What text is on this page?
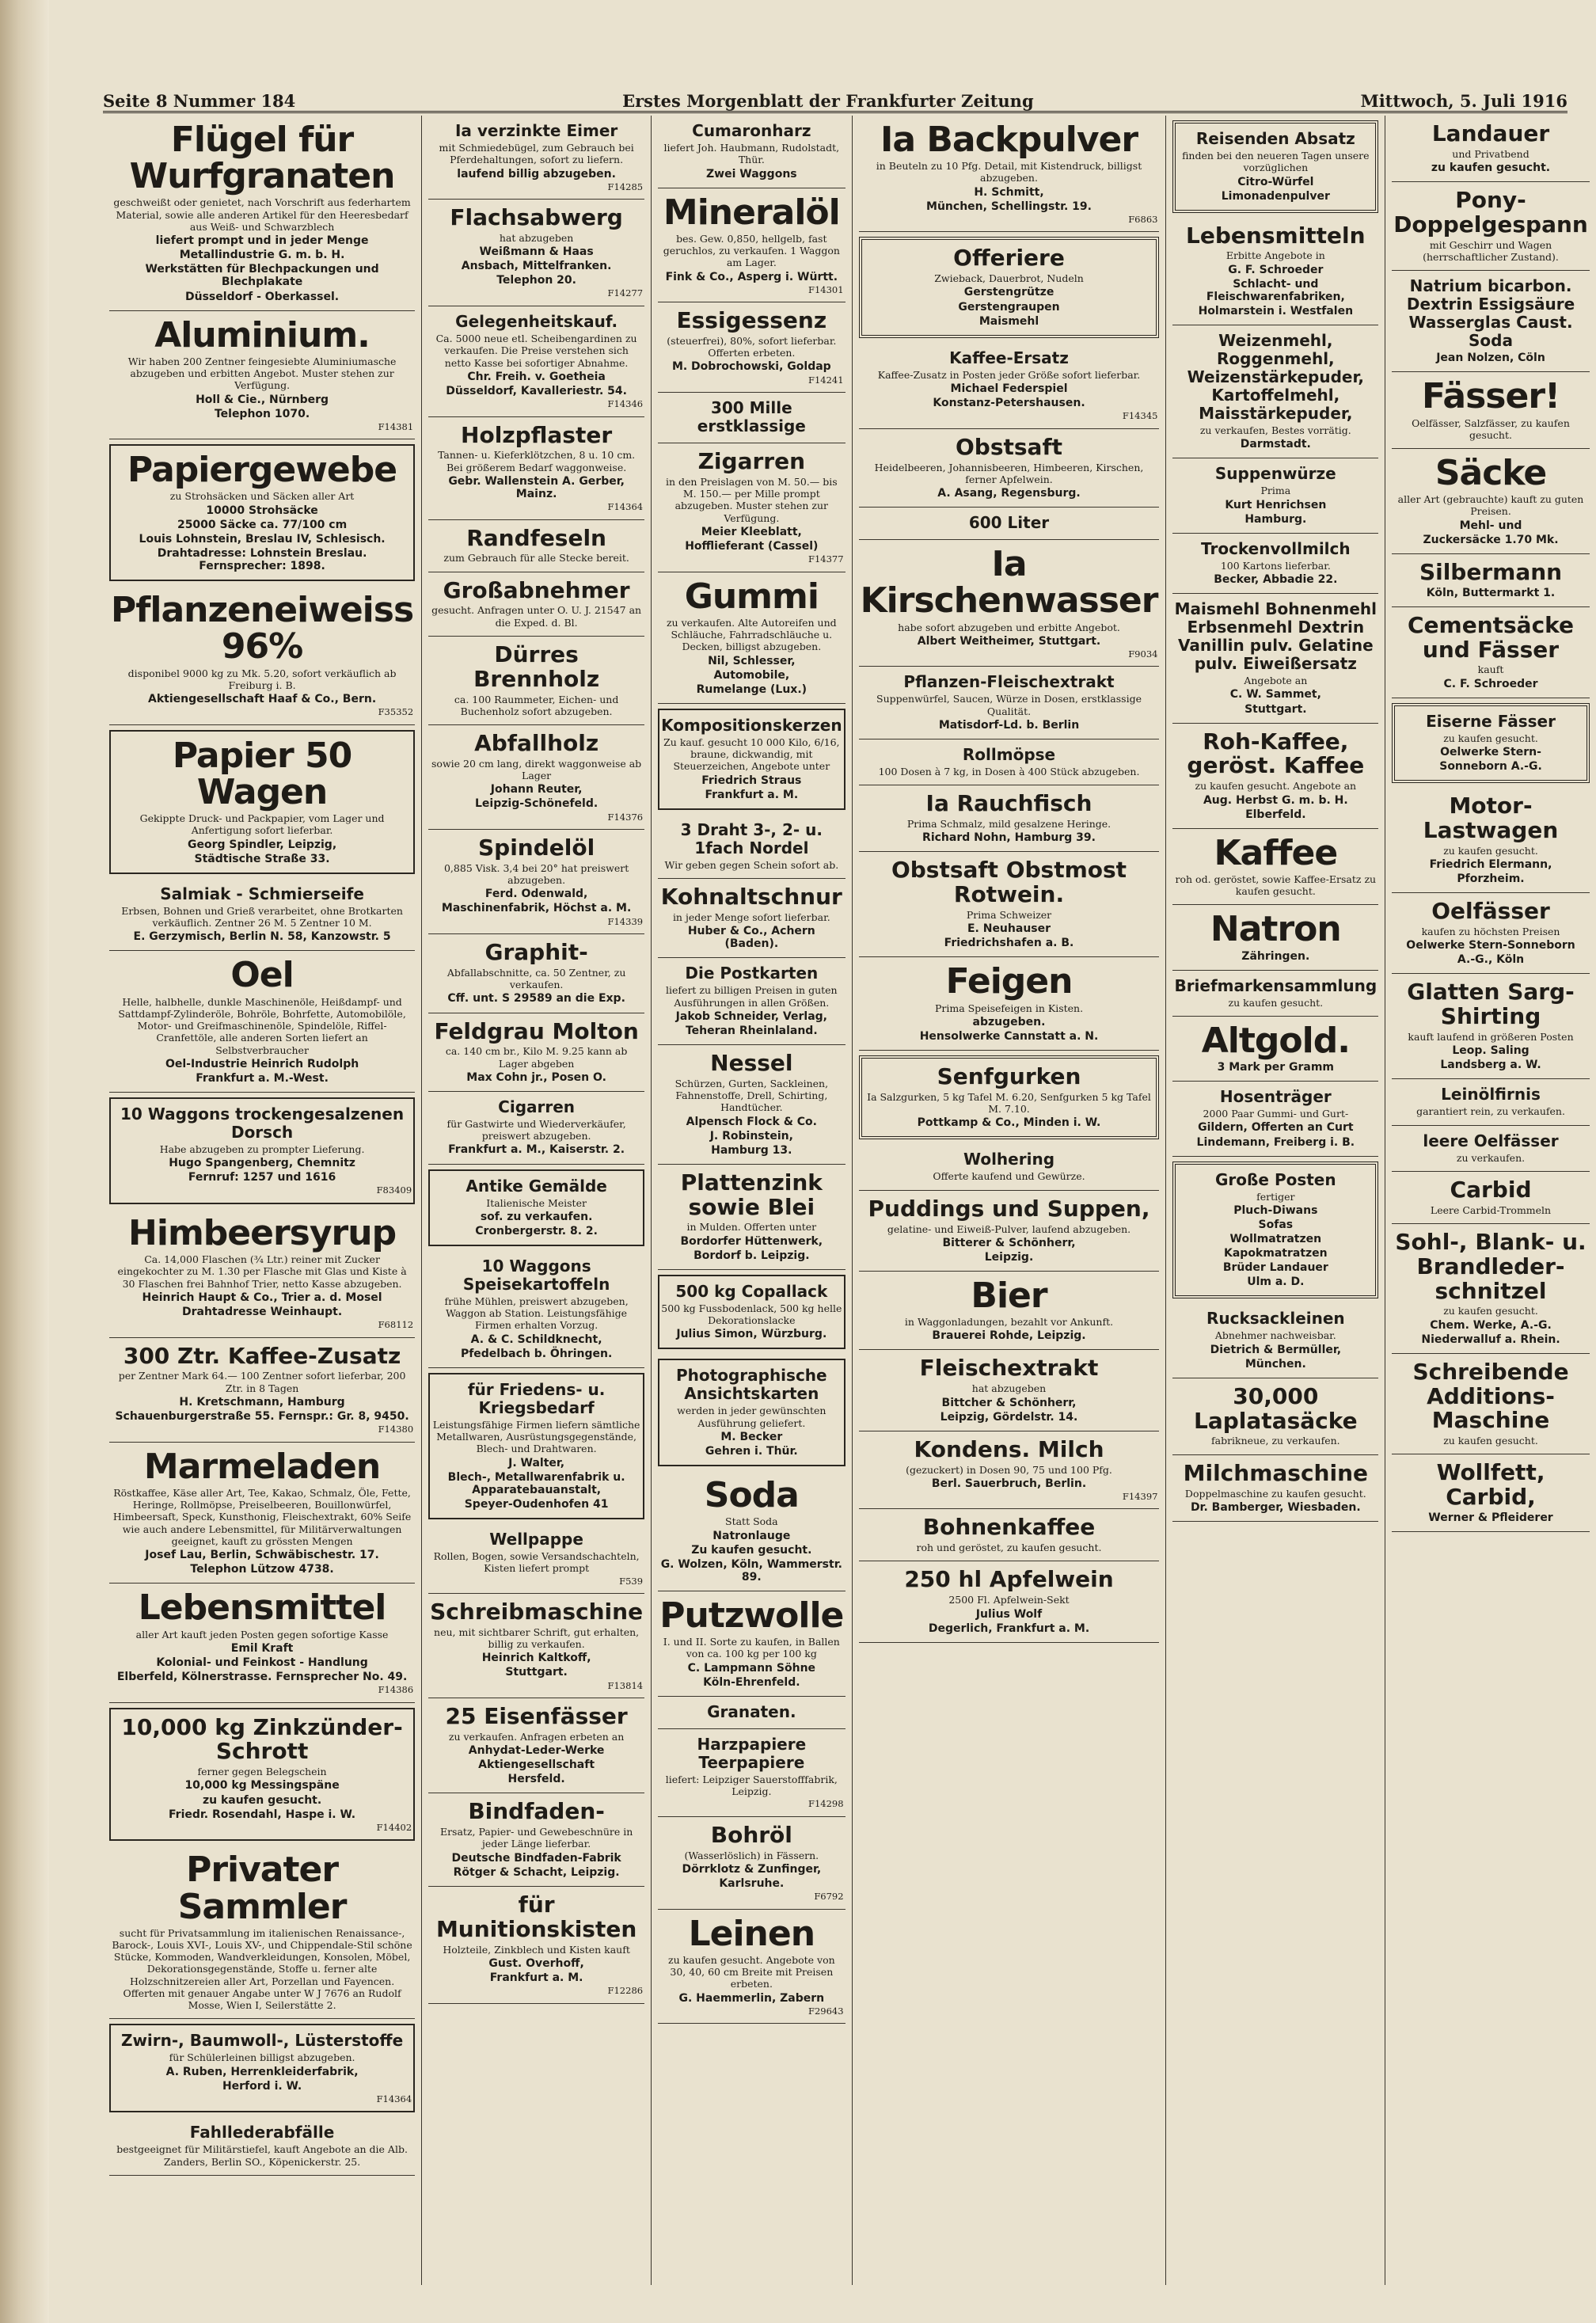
Seite 8 Nummer 184	Erstes Morgenblatt der Frankfurter Zeitung	Mittwoch, 5. Juli 1916
Flügel für Wurfgranaten
geschweißt oder genietet, nach Vorschrift aus federhartem Material, sowie alle anderen Artikel für den Heeresbedarf aus Weiß- und Schwarzblech
liefert prompt und in jeder Menge
Metallindustrie G. m. b. H.
Werkstätten für Blechpackungen und Blechplakate
Düsseldorf - Oberkassel.
Aluminium.
Wir haben 200 Zentner feingesiebte Aluminiumasche abzugeben und erbitten Angebot. Muster stehen zur Verfügung.
Holl & Cie., Nürnberg
Telephon 1070.
F14381
Papiergewebe
zu Strohsäcken und Säcken aller Art
10000 Strohsäcke
25000 Säcke ca. 77/100 cm
Louis Lohnstein, Breslau IV, Schlesisch.
Drahtadresse: Lohnstein Breslau. Fernsprecher: 1898.
Pflanzeneiweiss 96%
disponibel 9000 kg zu Mk. 5.20, sofort verkäuflich ab Freiburg i. B.
Aktiengesellschaft Haaf & Co., Bern.
F35352
Papier 50 Wagen
Gekippte Druck- und Packpapier, vom Lager und Anfertigung sofort lieferbar.
Georg Spindler, Leipzig,
Städtische Straße 33.
Salmiak - Schmierseife
Erbsen, Bohnen und Grieß verarbeitet, ohne Brotkarten verkäuflich. Zentner 26 M. 5 Zentner 10 M.
E. Gerzymisch, Berlin N. 58, Kanzowstr. 5
Oel
Helle, halbhelle, dunkle Maschinenöle, Heißdampf- und Sattdampf-Zylinderöle, Bohröle, Bohrfette, Automobilöle, Motor- und Greifmaschinenöle, Spindelöle, Riffel-Cranfettöle, alle anderen Sorten liefert an Selbstverbraucher
Oel-Industrie Heinrich Rudolph
Frankfurt a. M.-West.
10 Waggons trockengesalzenen Dorsch
Habe abzugeben zu prompter Lieferung.
Hugo Spangenberg, Chemnitz
Fernruf: 1257 und 1616
F83409
Himbeersyrup
Ca. 14,000 Flaschen (¾ Ltr.) reiner mit Zucker eingekochter zu M. 1.30 per Flasche mit Glas und Kiste à 30 Flaschen frei Bahnhof Trier, netto Kasse abzugeben.
Heinrich Haupt & Co., Trier a. d. Mosel
Drahtadresse Weinhaupt.
F68112
300 Ztr. Kaffee-Zusatz
per Zentner Mark 64.— 100 Zentner sofort lieferbar, 200 Ztr. in 8 Tagen
H. Kretschmann, Hamburg
Schauenburgerstraße 55. Fernspr.: Gr. 8, 9450.
F14380
Marmeladen
Röstkaffee, Käse aller Art, Tee, Kakao, Schmalz, Öle, Fette, Heringe, Rollmöpse, Preiselbeeren, Bouillonwürfel, Himbeersaft, Speck, Kunsthonig, Fleischextrakt, 60% Seife wie auch andere Lebensmittel, für Militärverwaltungen geeignet, kauft zu grössten Mengen
Josef Lau, Berlin, Schwäbischestr. 17.
Telephon Lützow 4738.
Lebensmittel
aller Art kauft jeden Posten gegen sofortige Kasse
Emil Kraft
Kolonial- und Feinkost - Handlung
Elberfeld, Kölnerstrasse. Fernsprecher No. 49.
F14386
10,000 kg Zinkzünder-Schrott
ferner gegen Belegschein
10,000 kg Messingspäne
zu kaufen gesucht.
Friedr. Rosendahl, Haspe i. W.
F14402
Privater Sammler
sucht für Privatsammlung im italienischen Renaissance-, Barock-, Louis XVI-, Louis XV-, und Chippendale-Stil schöne Stücke, Kommoden, Wandverkleidungen, Konsolen, Möbel, Dekorationsgegenstände, Stoffe u. ferner alte Holzschnitzereien aller Art, Porzellan und Fayencen. Offerten mit genauer Angabe unter W J 7676 an Rudolf Mosse, Wien I, Seilerstätte 2.
Zwirn-, Baumwoll-, Lüsterstoffe
für Schülerleinen billigst abzugeben.
A. Ruben, Herrenkleiderfabrik,
Herford i. W.
F14364
Fahllederabfälle
bestgeeignet für Militärstiefel, kauft Angebote an die Alb. Zanders, Berlin SO., Köpenickerstr. 25.
Ia verzinkte Eimer
mit Schmiedebügel, zum Gebrauch bei Pferdehaltungen, sofort zu liefern.
laufend billig abzugeben.
F14285
Flachsabwerg
hat abzugeben
Weißmann & Haas
Ansbach, Mittelfranken.
Telephon 20.
F14277
Gelegenheitskauf.
Ca. 5000 neue etl. Scheibengardinen zu verkaufen. Die Preise verstehen sich netto Kasse bei sofortiger Abnahme.
Chr. Freih. v. Goetheia
Düsseldorf, Kavalleriestr. 54.
F14346
Holzpflaster
Tannen- u. Kieferklötzchen, 8 u. 10 cm. Bei größerem Bedarf waggonweise.
Gebr. Wallenstein A. Gerber, Mainz.
F14364
Randfeseln
zum Gebrauch für alle Stecke bereit.
Großabnehmer
gesucht. Anfragen unter O. U. J. 21547 an die Exped. d. Bl.
Dürres Brennholz
ca. 100 Raummeter, Eichen- und Buchenholz sofort abzugeben.
Abfallholz
sowie 20 cm lang, direkt waggonweise ab Lager
Johann Reuter,
Leipzig-Schönefeld.
F14376
Spindelöl
0,885 Visk. 3,4 bei 20° hat preiswert abzugeben.
Ferd. Odenwald,
Maschinenfabrik, Höchst a. M.
F14339
Graphit-
Abfallabschnitte, ca. 50 Zentner, zu verkaufen.
Cff. unt. S 29589 an die Exp.
Feldgrau Molton
ca. 140 cm br., Kilo M. 9.25 kann ab Lager abgeben
Max Cohn jr., Posen O.
Cigarren
für Gastwirte und Wiederverkäufer, preiswert abzugeben.
Frankfurt a. M., Kaiserstr. 2.
Antike Gemälde
Italienische Meister
sof. zu verkaufen.
Cronbergerstr. 8. 2.
10 Waggons Speisekartoffeln
frühe Mühlen, preiswert abzugeben, Waggon ab Station. Leistungsfähige Firmen erhalten Vorzug.
A. & C. Schildknecht,
Pfedelbach b. Öhringen.
für Friedens- u. Kriegsbedarf
Leistungsfähige Firmen liefern sämtliche Metallwaren, Ausrüstungsgegenstände, Blech- und Drahtwaren.
J. Walter,
Blech-, Metallwarenfabrik u. Apparatebauanstalt,
Speyer-Oudenhofen 41
Wellpappe
Rollen, Bogen, sowie Versandschachteln, Kisten liefert prompt
F539
Schreibmaschine
neu, mit sichtbarer Schrift, gut erhalten, billig zu verkaufen.
Heinrich Kaltkoff,
Stuttgart.
F13814
25 Eisenfässer
zu verkaufen. Anfragen erbeten an
Anhydat-Leder-Werke
Aktiengesellschaft
Hersfeld.
Bindfaden-
Ersatz, Papier- und Gewebeschnüre in jeder Länge lieferbar.
Deutsche Bindfaden-Fabrik
Rötger & Schacht, Leipzig.
für Munitionskisten
Holzteile, Zinkblech und Kisten kauft
Gust. Overhoff,
Frankfurt a. M.
F12286
Cumaronharz
liefert Joh. Haubmann, Rudolstadt, Thür.
Zwei Waggons
Mineralöl
bes. Gew. 0,850, hellgelb, fast geruchlos, zu verkaufen. 1 Waggon am Lager.
Fink & Co., Asperg i. Württ.
F14301
Essigessenz
(steuerfrei), 80%, sofort lieferbar. Offerten erbeten.
M. Dobrochowski, Goldap
F14241
300 Mille erstklassige
Zigarren
in den Preislagen von M. 50.— bis M. 150.— per Mille prompt abzugeben. Muster stehen zur Verfügung.
Meier Kleeblatt,
Hofflieferant (Cassel)
F14377
Gummi
zu verkaufen. Alte Autoreifen und Schläuche, Fahrradschläuche u. Decken, billigst abzugeben.
Nil, Schlesser,
Automobile,
Rumelange (Lux.)
Kompositionskerzen
Zu kauf. gesucht 10 000 Kilo, 6/16, braune, dickwandig, mit Steuerzeichen, Angebote unter
Friedrich Straus
Frankfurt a. M.
3 Draht 3-, 2- u. 1fach Nordel
Wir geben gegen Schein sofort ab.
Kohnaltschnur
in jeder Menge sofort lieferbar.
Huber & Co., Achern (Baden).
Die Postkarten
liefert zu billigen Preisen in guten Ausführungen in allen Größen.
Jakob Schneider, Verlag,
Teheran Rheinlaland.
Nessel
Schürzen, Gurten, Sackleinen, Fahnenstoffe, Drell, Schirting, Handtücher.
Alpensch Flock & Co.
J. Robinstein,
Hamburg 13.
Plattenzink sowie Blei
in Mulden. Offerten unter
Bordorfer Hüttenwerk,
Bordorf b. Leipzig.
500 kg Copallack
500 kg Fussbodenlack, 500 kg helle Dekorationslacke
Julius Simon, Würzburg.
Photographische Ansichtskarten
werden in jeder gewünschten Ausführung geliefert.
M. Becker
Gehren i. Thür.
Soda
Statt Soda
Natronlauge
Zu kaufen gesucht.
G. Wolzen, Köln, Wammerstr. 89.
Putzwolle
I. und II. Sorte zu kaufen, in Ballen von ca. 100 kg per 100 kg
C. Lampmann Söhne
Köln-Ehrenfeld.
Granaten.
Harzpapiere Teerpapiere
liefert: Leipziger Sauerstofffabrik, Leipzig.
F14298
Bohröl
(Wasserlöslich) in Fässern.
Dörrklotz & Zunfinger,
Karlsruhe.
F6792
Leinen
zu kaufen gesucht. Angebote von 30, 40, 60 cm Breite mit Preisen erbeten.
G. Haemmerlin, Zabern
F29643
Ia Backpulver
in Beuteln zu 10 Pfg. Detail, mit Kistendruck, billigst abzugeben.
H. Schmitt,
München, Schellingstr. 19.
F6863
Offeriere
Zwieback, Dauerbrot, Nudeln
Gerstengrütze
Gerstengraupen
Maismehl
Kaffee-Ersatz
Kaffee-Zusatz in Posten jeder Größe sofort lieferbar.
Michael Federspiel
Konstanz-Petershausen.
F14345
Obstsaft
Heidelbeeren, Johannisbeeren, Himbeeren, Kirschen, ferner Apfelwein.
A. Asang, Regensburg.
600 Liter
Ia Kirschenwasser
habe sofort abzugeben und erbitte Angebot.
Albert Weitheimer, Stuttgart.
F9034
Pflanzen-Fleischextrakt
Suppenwürfel, Saucen, Würze in Dosen, erstklassige Qualität.
Matisdorf-Ld. b. Berlin
Rollmöpse
100 Dosen à 7 kg, in Dosen à 400 Stück abzugeben.
Ia Rauchfisch
Prima Schmalz, mild gesalzene Heringe.
Richard Nohn, Hamburg 39.
Obstsaft Obstmost Rotwein.
Prima Schweizer
E. Neuhauser
Friedrichshafen a. B.
Feigen
Prima Speisefeigen in Kisten.
abzugeben.
Hensolwerke Cannstatt a. N.
Senfgurken
Ia Salzgurken, 5 kg Tafel M. 6.20, Senfgurken 5 kg Tafel M. 7.10.
Pottkamp & Co., Minden i. W.
Wolhering
Offerte kaufend und Gewürze.
Puddings und Suppen,
gelatine- und Eiweiß-Pulver, laufend abzugeben.
Bitterer & Schönherr,
Leipzig.
Bier
in Waggonladungen, bezahlt vor Ankunft.
Brauerei Rohde, Leipzig.
Fleischextrakt
hat abzugeben
Bittcher & Schönherr,
Leipzig, Gördelstr. 14.
Kondens. Milch
(gezuckert) in Dosen 90, 75 und 100 Pfg.
Berl. Sauerbruch, Berlin.
F14397
Bohnenkaffee
roh und geröstet, zu kaufen gesucht.
250 hl Apfelwein
2500 Fl. Apfelwein-Sekt
Julius Wolf
Degerlich, Frankfurt a. M.
Reisenden Absatz
finden bei den neueren Tagen unsere vorzüglichen
Citro-Würfel
Limonadenpulver
Lebensmitteln
Erbitte Angebote in
G. F. Schroeder
Schlacht- und Fleischwarenfabriken,
Holmarstein i. Westfalen
Weizenmehl, Roggenmehl, Weizenstärkepuder, Kartoffelmehl, Maisstärkepuder,
zu verkaufen, Bestes vorrätig.
Darmstadt.
Suppenwürze
Prima
Kurt Henrichsen
Hamburg.
Trockenvollmilch
100 Kartons lieferbar.
Becker, Abbadie 22.
Maismehl Bohnenmehl Erbsenmehl Dextrin Vanillin pulv. Gelatine pulv. Eiweißersatz
Angebote an
C. W. Sammet,
Stuttgart.
Roh-Kaffee, geröst. Kaffee
zu kaufen gesucht. Angebote an
Aug. Herbst G. m. b. H.
Elberfeld.
Kaffee
roh od. geröstet, sowie Kaffee-Ersatz zu kaufen gesucht.
Natron
Zähringen.
Briefmarkensammlung
zu kaufen gesucht.
Altgold.
3 Mark per Gramm
Hosenträger
2000 Paar Gummi- und Gurt-
Gildern, Offerten an Curt
Lindemann, Freiberg i. B.
Große Posten
fertiger
Pluch-Diwans
Sofas
Wollmatratzen
Kapokmatratzen
Brüder Landauer
Ulm a. D.
Rucksackleinen
Abnehmer nachweisbar.
Dietrich & Bermüller,
München.
30,000 Laplatasäcke
fabrikneue, zu verkaufen.
Milchmaschine
Doppelmaschine zu kaufen gesucht.
Dr. Bamberger, Wiesbaden.
Landauer
und Privatbend
zu kaufen gesucht.
Pony-Doppelgespann
mit Geschirr und Wagen (herrschaftlicher Zustand).
Natrium bicarbon. Dextrin Essigsäure Wasserglas Caust. Soda
Jean Nolzen, Cöln
Fässer!
Oelfässer, Salzfässer, zu kaufen gesucht.
Säcke
aller Art (gebrauchte) kauft zu guten Preisen.
Mehl- und
Zuckersäcke 1.70 Mk.
Silbermann
Köln, Buttermarkt 1.
Cementsäcke und Fässer
kauft
C. F. Schroeder
Eiserne Fässer
zu kaufen gesucht.
Oelwerke Stern-
Sonneborn A.-G.
Motor-Lastwagen
zu kaufen gesucht.
Friedrich Elermann,
Pforzheim.
Oelfässer
kaufen zu höchsten Preisen
Oelwerke Stern-Sonneborn
A.-G., Köln
Glatten Sarg-Shirting
kauft laufend in größeren Posten
Leop. Saling
Landsberg a. W.
Leinölfirnis
garantiert rein, zu verkaufen.
leere Oelfässer
zu verkaufen.
Carbid
Leere Carbid-Trommeln
Sohl-, Blank- u. Brandleder-schnitzel
zu kaufen gesucht.
Chem. Werke, A.-G.
Niederwalluf a. Rhein.
Schreibende Additions-Maschine
zu kaufen gesucht.
Wollfett, Carbid,
Werner & Pfleiderer
